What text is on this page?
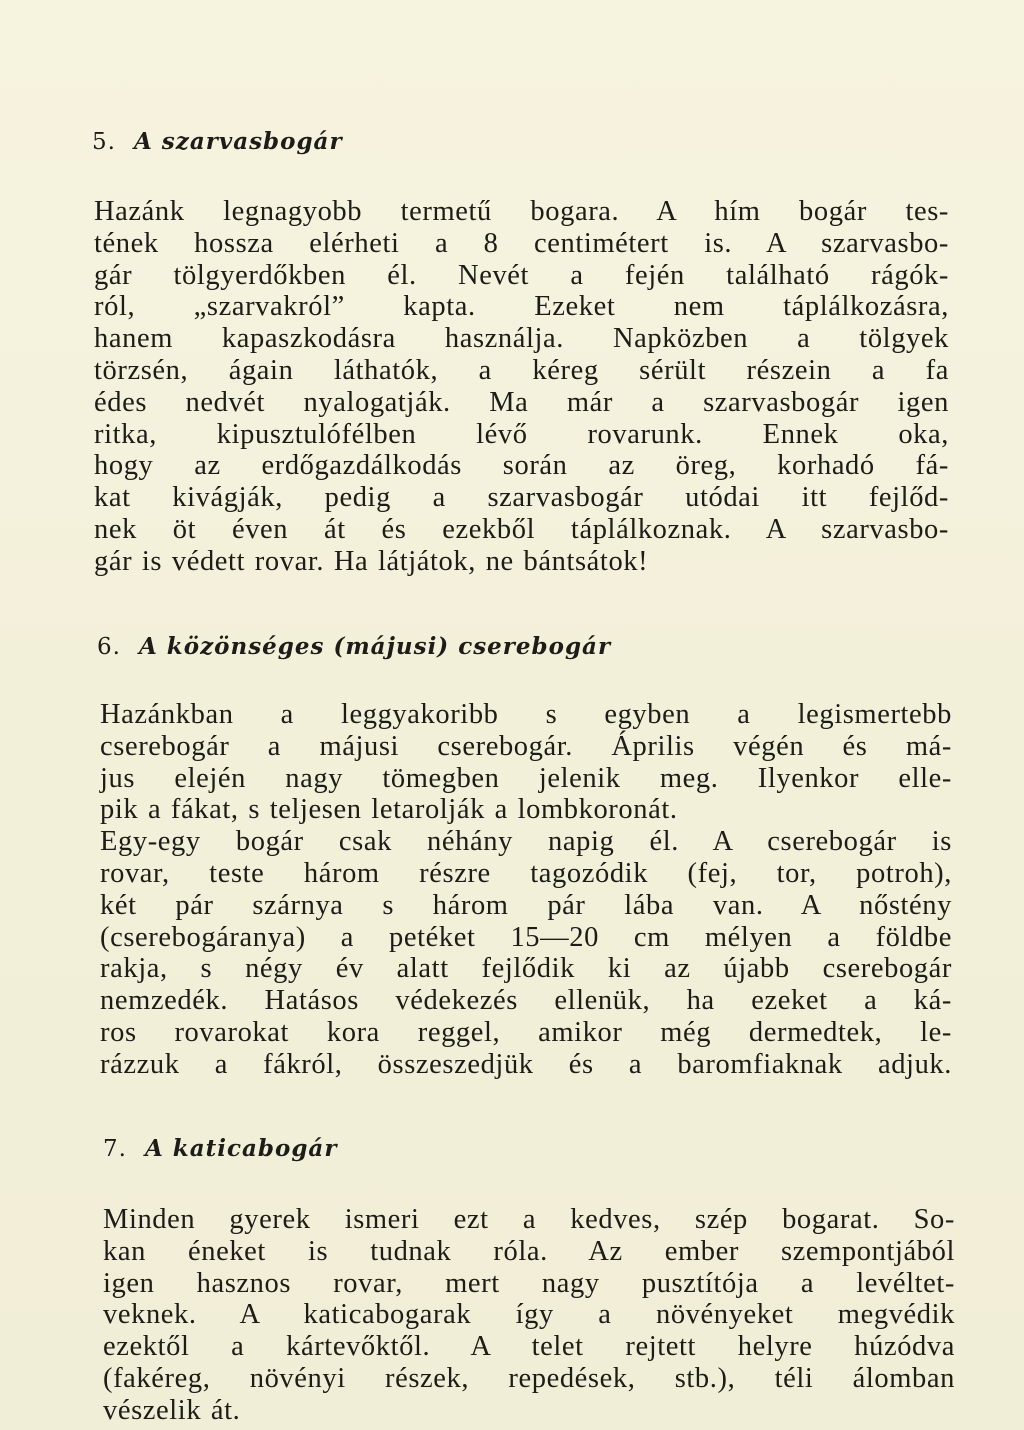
5. A szarvasbogár

Hazánk legnagyobb termetű bogara. A hím bogár tes-
tének hossza elérheti a 8 centimétert is. A szarvasbo-
gár tölgyerdőkben él. Nevét a fején található rágók-
ról, „szarvakról” kapta. Ezeket nem táplálkozásra,
hanem kapaszkodásra használja. Napközben a tölgyek
törzsén, ágain láthatók, a kéreg sérült részein a fa
édes nedvét nyalogatják. Ma már a szarvasbogár igen
ritka, kipusztulófélben lévő rovarunk. Ennek oka,
hogy az erdőgazdálkodás során az öreg, korhadó fá-
kat kivágják, pedig a szarvasbogár utódai itt fejlőd-
nek öt éven át és ezekből táplálkoznak. A szarvasbo-
gár is védett rovar. Ha látjátok, ne bántsátok!

6. A közönséges (májusi) cserebogár

Hazánkban a leggyakoribb s egyben a legismertebb
cserebogár a májusi cserebogár. Április végén és má-
jus elején nagy tömegben jelenik meg. Ilyenkor elle-
pik a fákat, s teljesen letarolják a lombkoronát.
Egy-egy bogár csak néhány napig él. A cserebogár is
rovar, teste három részre tagozódik (fej, tor, potroh),
két pár szárnya s három pár lába van. A nőstény
(cserebogáranya) a petéket 15—20 cm mélyen a földbe
rakja, s négy év alatt fejlődik ki az újabb cserebogár
nemzedék. Hatásos védekezés ellenük, ha ezeket a ká-
ros rovarokat kora reggel, amikor még dermedtek, le-
rázzuk a fákról, összeszedjük és a baromfiaknak adjuk.

7. A katicabogár

Minden gyerek ismeri ezt a kedves, szép bogarat. So-
kan éneket is tudnak róla. Az ember szempontjából
igen hasznos rovar, mert nagy pusztítója a levéltet-
veknek. A katicabogarak így a növényeket megvédik
ezektől a kártevőktől. A telet rejtett helyre húzódva
(fakéreg, növényi részek, repedések, stb.), téli álomban
vészelik át.
